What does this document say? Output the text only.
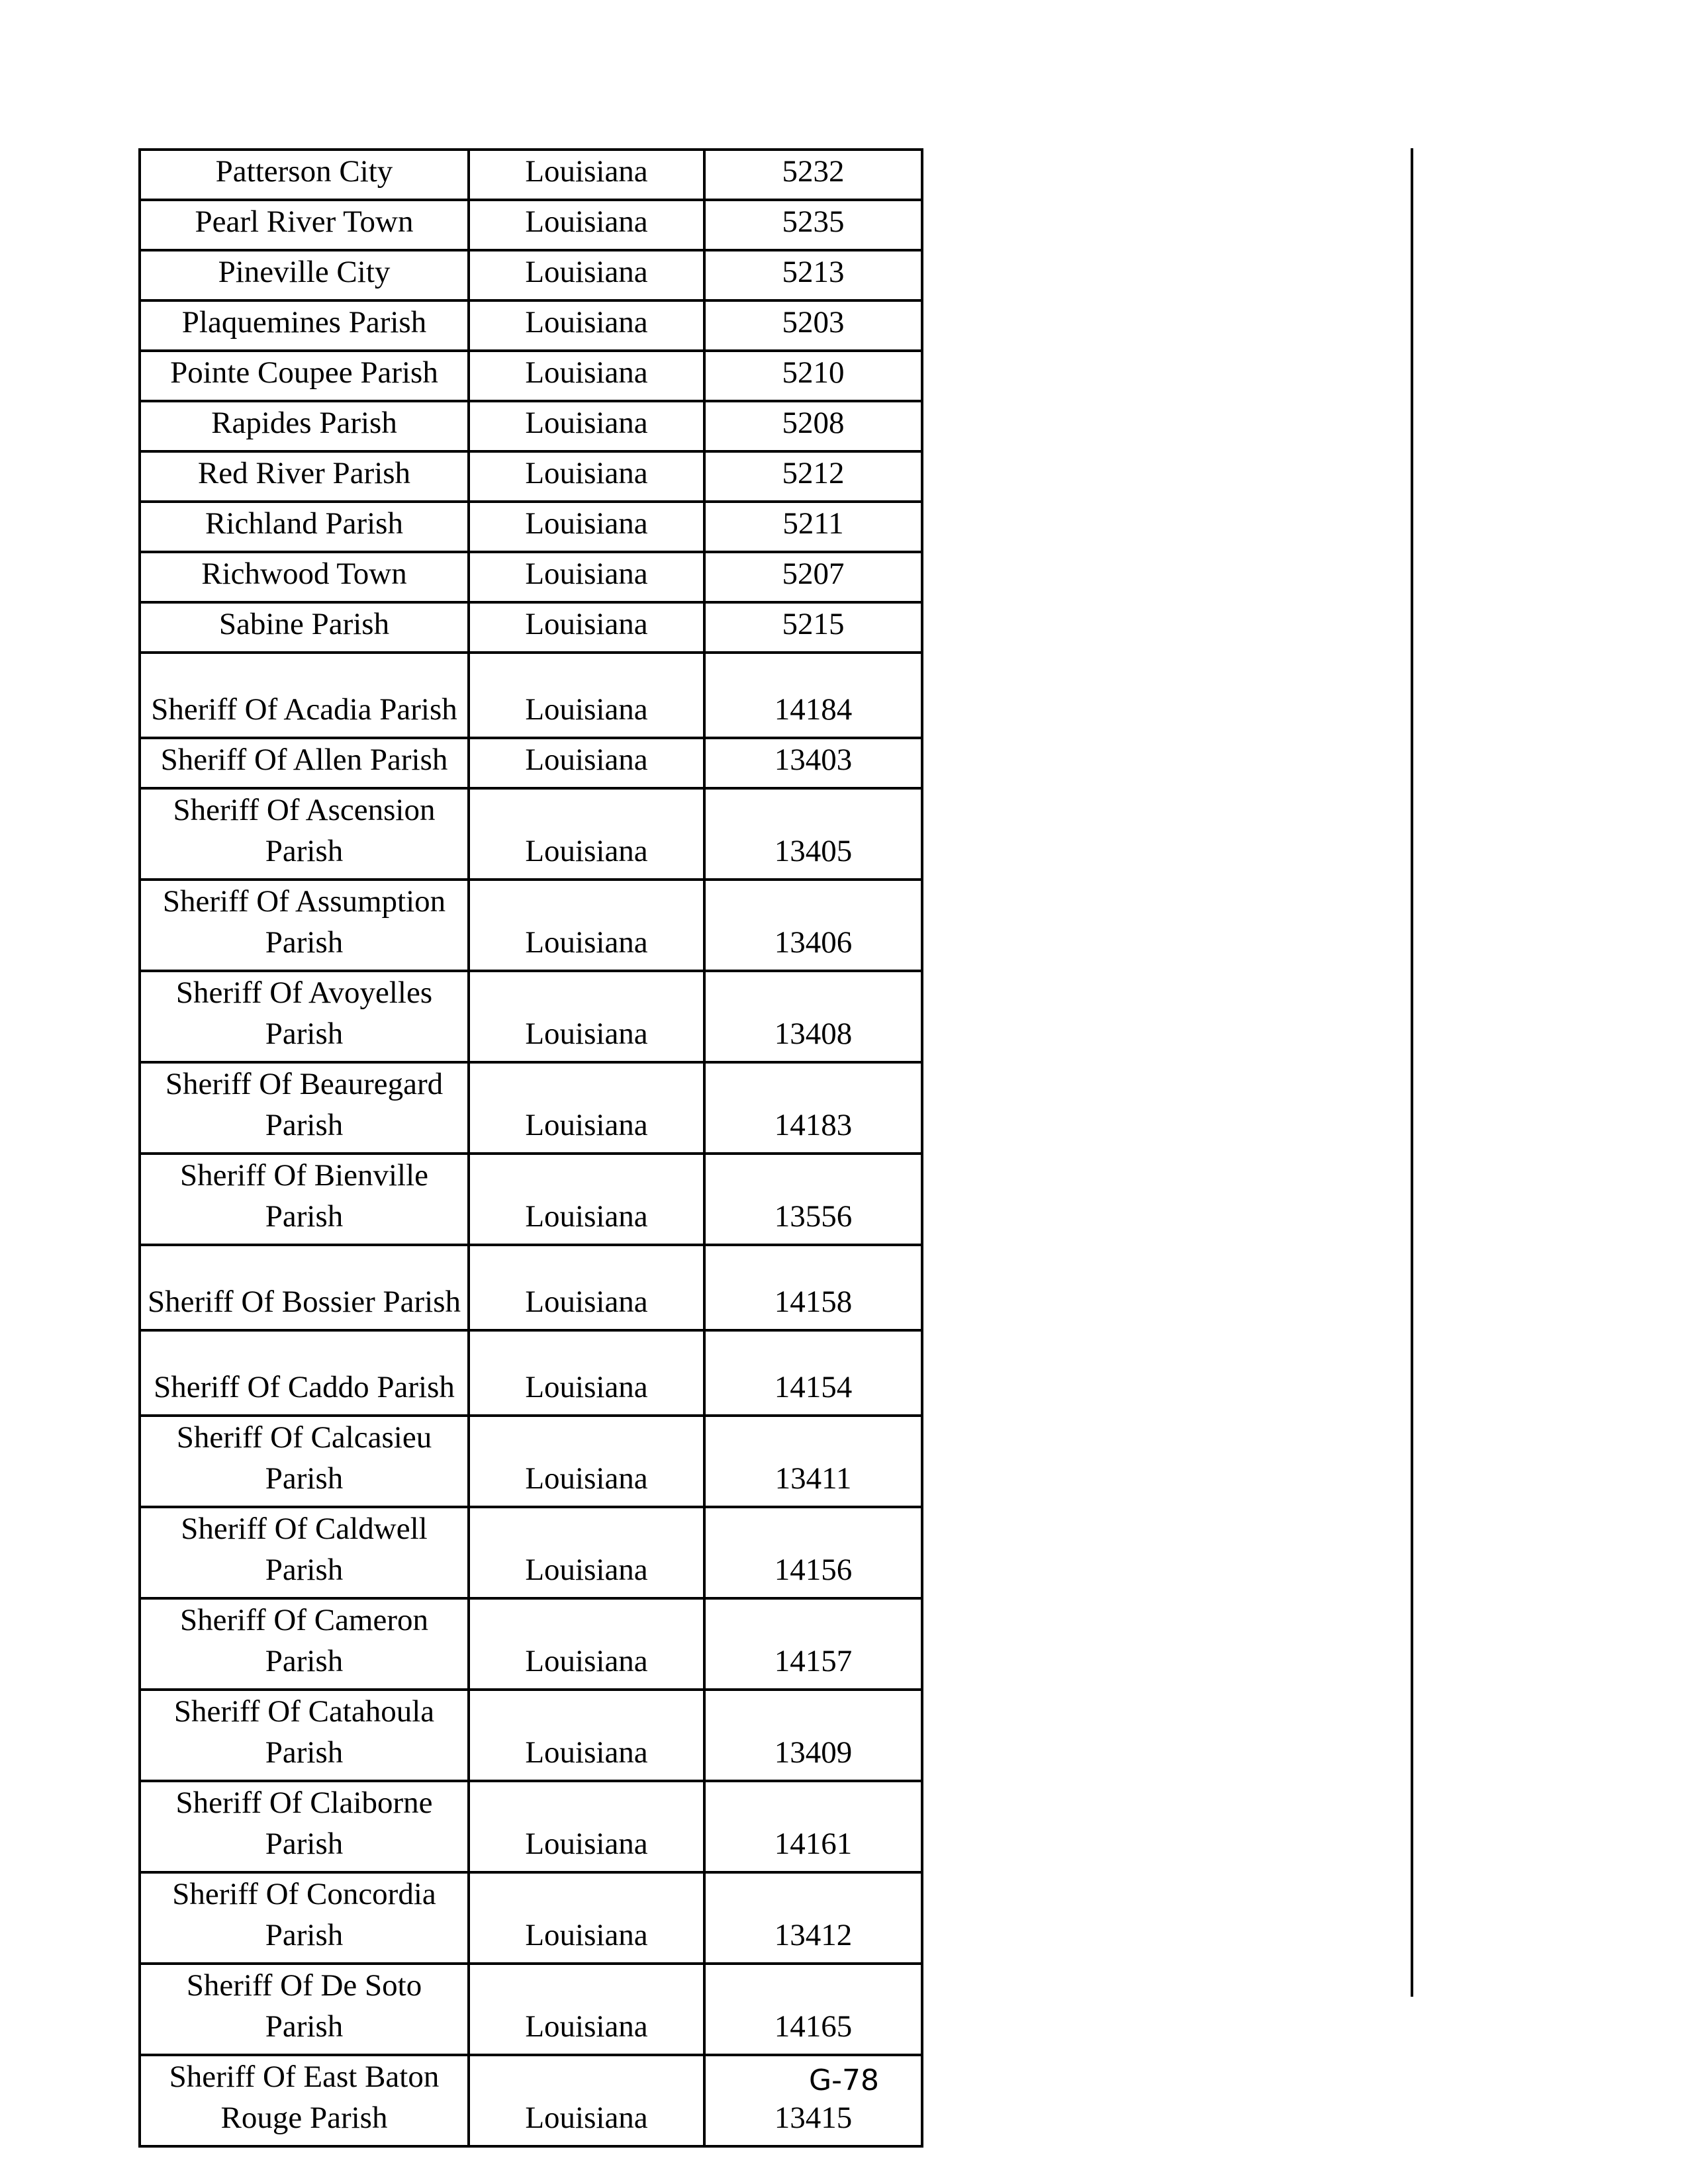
Patterson City	Louisiana	5232
Pearl River Town	Louisiana	5235
Pineville City	Louisiana	5213
Plaquemines Parish	Louisiana	5203
Pointe Coupee Parish	Louisiana	5210
Rapides Parish	Louisiana	5208
Red River Parish	Louisiana	5212
Richland Parish	Louisiana	5211
Richwood Town	Louisiana	5207
Sabine Parish	Louisiana	5215
Sheriff Of Acadia Parish	Louisiana	14184
Sheriff Of Allen Parish	Louisiana	13403
Sheriff Of Ascension Parish	Louisiana	13405
Sheriff Of Assumption Parish	Louisiana	13406
Sheriff Of Avoyelles Parish	Louisiana	13408
Sheriff Of Beauregard Parish	Louisiana	14183
Sheriff Of Bienville Parish	Louisiana	13556
Sheriff Of Bossier Parish	Louisiana	14158
Sheriff Of Caddo Parish	Louisiana	14154
Sheriff Of Calcasieu Parish	Louisiana	13411
Sheriff Of Caldwell Parish	Louisiana	14156
Sheriff Of Cameron Parish	Louisiana	14157
Sheriff Of Catahoula Parish	Louisiana	13409
Sheriff Of Claiborne Parish	Louisiana	14161
Sheriff Of Concordia Parish	Louisiana	13412
Sheriff Of De Soto Parish	Louisiana	14165
Sheriff Of East Baton Rouge Parish	Louisiana	13415
G-78
